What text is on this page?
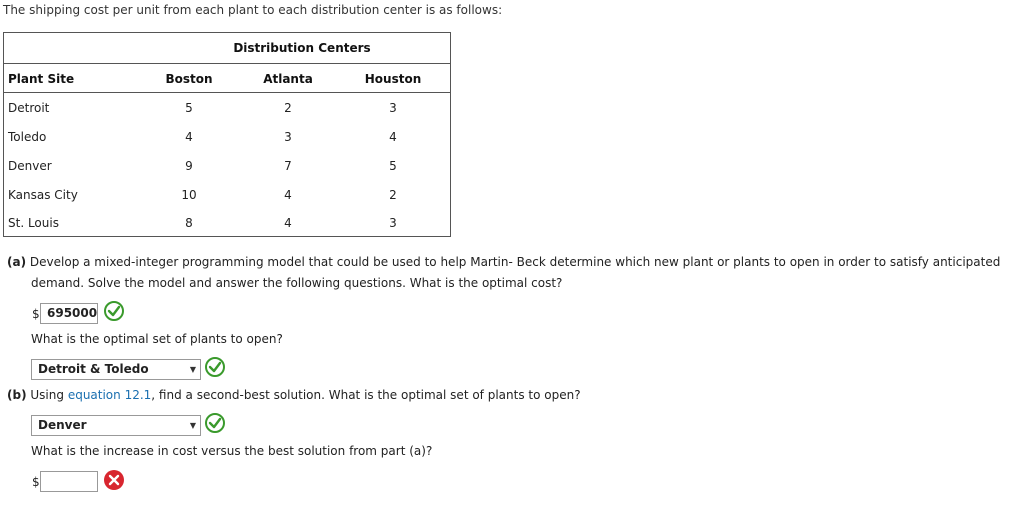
The shipping cost per unit from each plant to each distribution center is as follows:
Distribution Centers
Plant Site	Boston	Atlanta	Houston
Detroit	5	2	3
Toledo	4	3	4
Denver	9	7	5
Kansas City	10	4	2
St. Louis	8	4	3
(a) Develop a mixed-integer programming model that could be used to help Martin- Beck determine which new plant or plants to open in order to satisfy anticipated
demand. Solve the model and answer the following questions. What is the optimal cost?
$ 695000
What is the optimal set of plants to open?
Detroit & Toledo	▼
(b) Using equation 12.1, find a second-best solution. What is the optimal set of plants to open?
Denver	▼
What is the increase in cost versus the best solution from part (a)?
$
